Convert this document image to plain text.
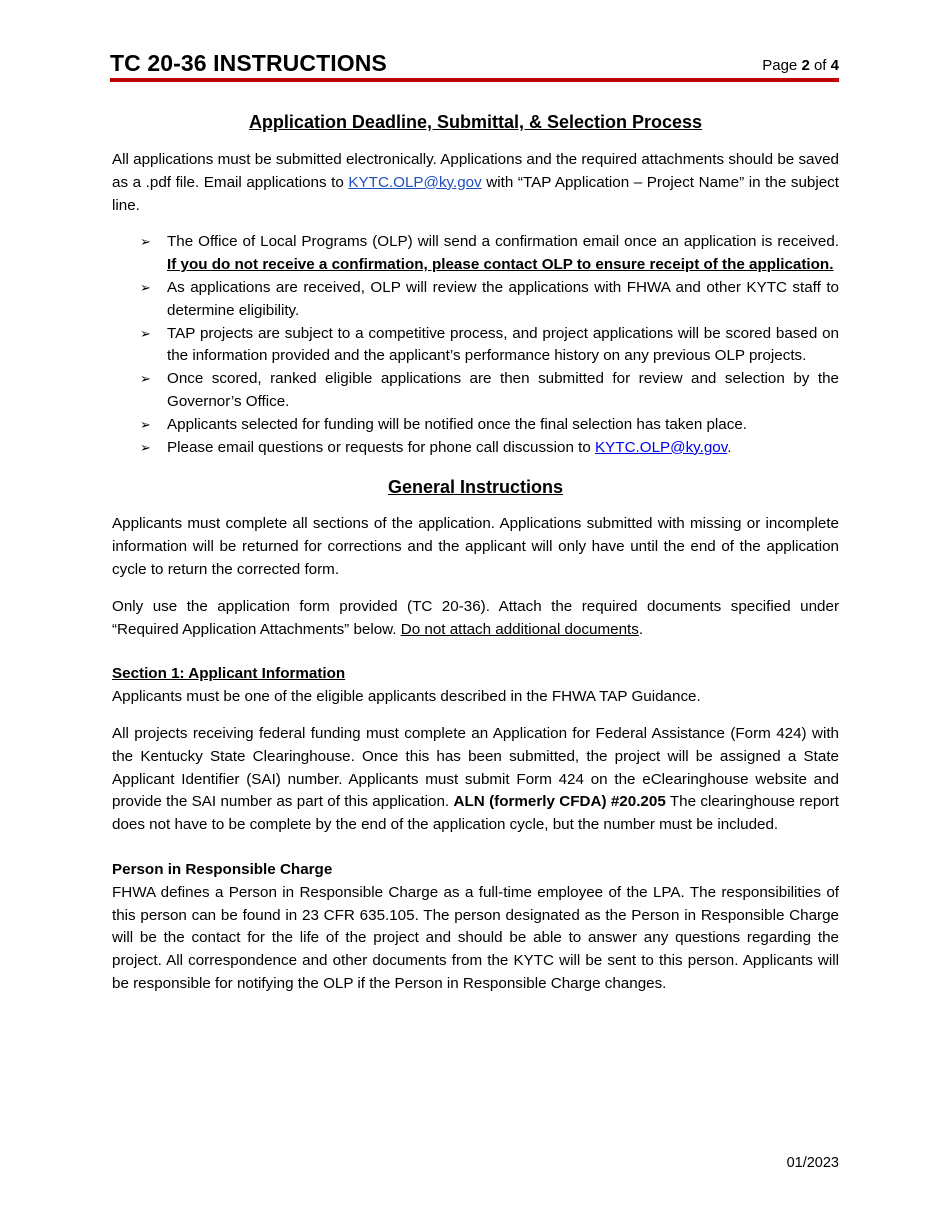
TC 20-36 INSTRUCTIONS	Page 2 of 4
Application Deadline, Submittal, & Selection Process

All applications must be submitted electronically. Applications and the required attachments should be saved as a .pdf file. Email applications to KYTC.OLP@ky.gov with “TAP Application – Project Name” in the subject line.

➢ The Office of Local Programs (OLP) will send a confirmation email once an application is received. If you do not receive a confirmation, please contact OLP to ensure receipt of the application.
➢ As applications are received, OLP will review the applications with FHWA and other KYTC staff to determine eligibility.
➢ TAP projects are subject to a competitive process, and project applications will be scored based on the information provided and the applicant’s performance history on any previous OLP projects.
➢ Once scored, ranked eligible applications are then submitted for review and selection by the Governor’s Office.
➢ Applicants selected for funding will be notified once the final selection has taken place.
➢ Please email questions or requests for phone call discussion to KYTC.OLP@ky.gov.
General Instructions

Applicants must complete all sections of the application. Applications submitted with missing or incomplete information will be returned for corrections and the applicant will only have until the end of the application cycle to return the corrected form.

Only use the application form provided (TC 20-36). Attach the required documents specified under “Required Application Attachments” below. Do not attach additional documents.

Section 1: Applicant Information

Applicants must be one of the eligible applicants described in the FHWA TAP Guidance.

All projects receiving federal funding must complete an Application for Federal Assistance (Form 424) with the Kentucky State Clearinghouse. Once this has been submitted, the project will be assigned a State Applicant Identifier (SAI) number. Applicants must submit Form 424 on the eClearinghouse website and provide the SAI number as part of this application. ALN (formerly CFDA) #20.205 The clearinghouse report does not have to be complete by the end of the application cycle, but the number must be included.

Person in Responsible Charge

FHWA defines a Person in Responsible Charge as a full-time employee of the LPA. The responsibilities of this person can be found in 23 CFR 635.105. The person designated as the Person in Responsible Charge will be the contact for the life of the project and should be able to answer any questions regarding the project. All correspondence and other documents from the KYTC will be sent to this person. Applicants will be responsible for notifying the OLP if the Person in Responsible Charge changes.

01/2023
